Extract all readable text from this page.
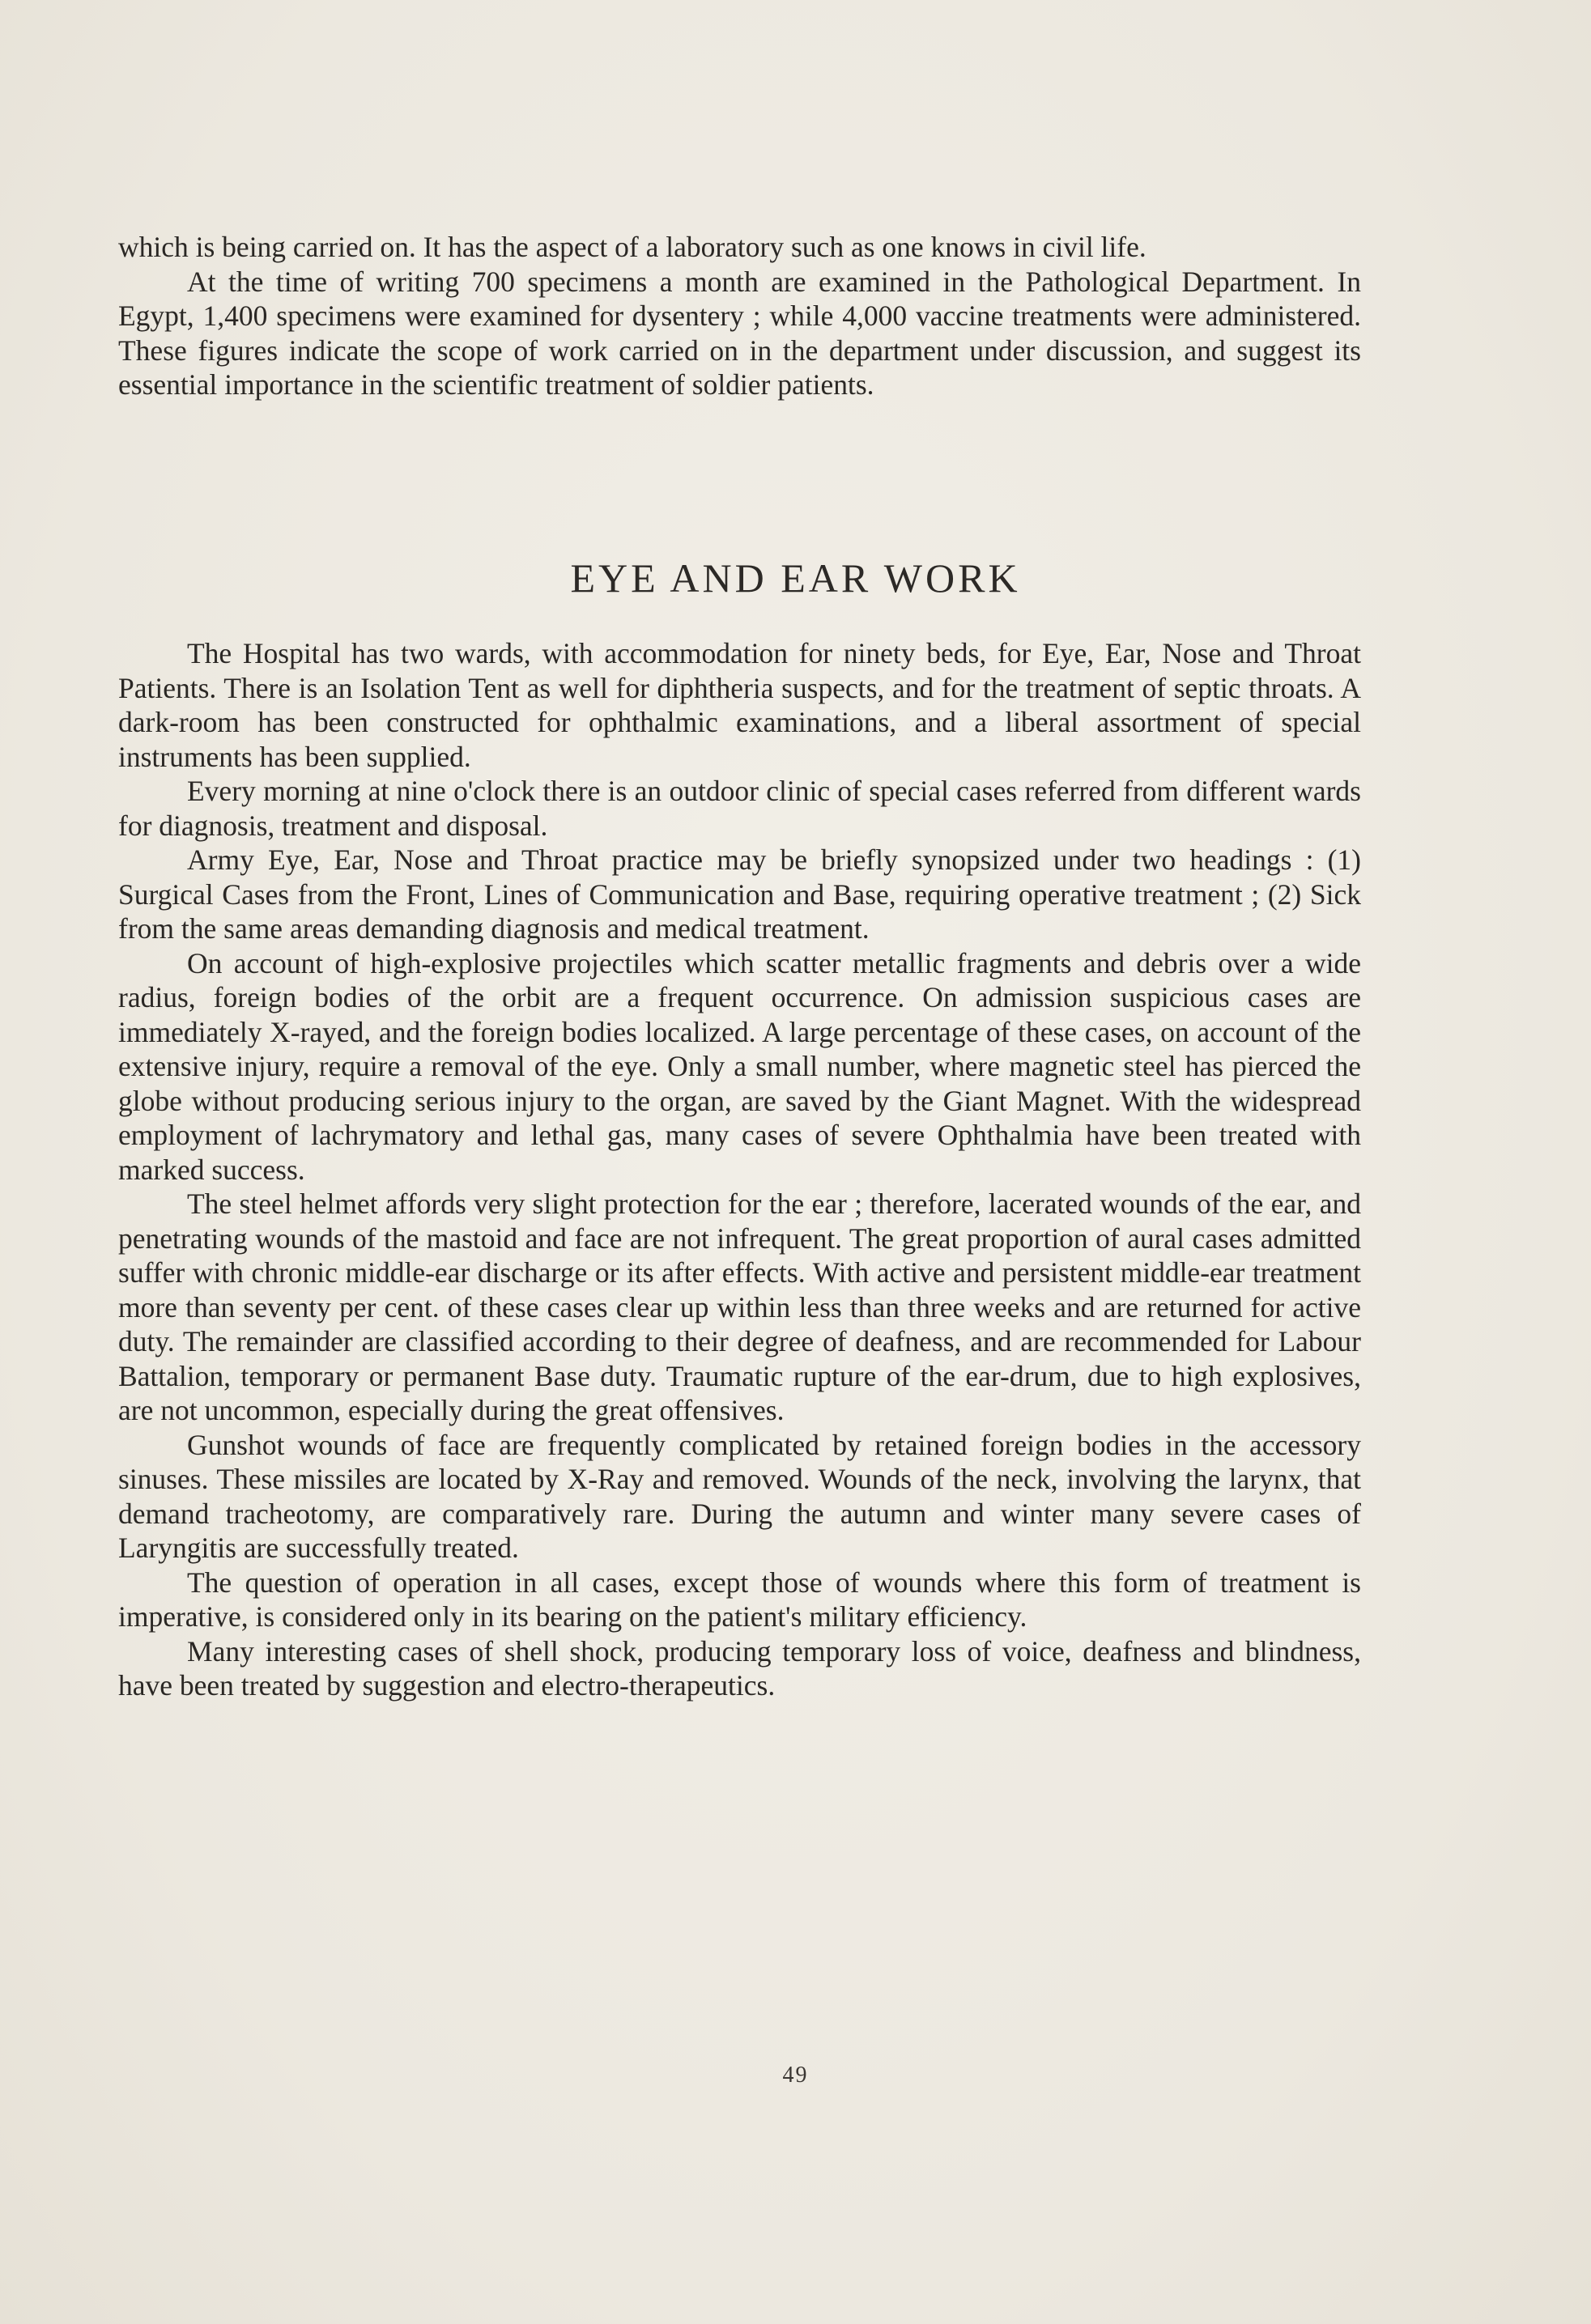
which is being carried on. It has the aspect of a laboratory such as one knows in civil life.

At the time of writing 700 specimens a month are examined in the Pathological Department. In Egypt, 1,400 specimens were examined for dysentery ; while 4,000 vaccine treatments were administered. These figures indicate the scope of work carried on in the department under discussion, and suggest its essential importance in the scientific treatment of soldier patients.

EYE AND EAR WORK

The Hospital has two wards, with accommodation for ninety beds, for Eye, Ear, Nose and Throat Patients. There is an Isolation Tent as well for diphtheria suspects, and for the treatment of septic throats. A dark-room has been constructed for ophthalmic examinations, and a liberal assortment of special instruments has been supplied.

Every morning at nine o'clock there is an outdoor clinic of special cases referred from different wards for diagnosis, treatment and disposal.

Army Eye, Ear, Nose and Throat practice may be briefly synopsized under two headings : (1) Surgical Cases from the Front, Lines of Communication and Base, requiring operative treatment ; (2) Sick from the same areas demanding diagnosis and medical treatment.

On account of high-explosive projectiles which scatter metallic fragments and debris over a wide radius, foreign bodies of the orbit are a frequent occurrence. On admission suspicious cases are immediately X-rayed, and the foreign bodies localized. A large percentage of these cases, on account of the extensive injury, require a removal of the eye. Only a small number, where magnetic steel has pierced the globe without producing serious injury to the organ, are saved by the Giant Magnet. With the widespread employment of lachrymatory and lethal gas, many cases of severe Ophthalmia have been treated with marked success.

The steel helmet affords very slight protection for the ear ; therefore, lacerated wounds of the ear, and penetrating wounds of the mastoid and face are not infrequent. The great proportion of aural cases admitted suffer with chronic middle-ear discharge or its after effects. With active and persistent middle-ear treatment more than seventy per cent. of these cases clear up within less than three weeks and are returned for active duty. The remainder are classified according to their degree of deafness, and are recommended for Labour Battalion, temporary or permanent Base duty. Traumatic rupture of the ear-drum, due to high explosives, are not uncommon, especially during the great offensives.

Gunshot wounds of face are frequently complicated by retained foreign bodies in the accessory sinuses. These missiles are located by X-Ray and removed. Wounds of the neck, involving the larynx, that demand tracheotomy, are comparatively rare. During the autumn and winter many severe cases of Laryngitis are successfully treated.

The question of operation in all cases, except those of wounds where this form of treatment is imperative, is considered only in its bearing on the patient's military efficiency.

Many interesting cases of shell shock, producing temporary loss of voice, deafness and blindness, have been treated by suggestion and electro-therapeutics.

49
